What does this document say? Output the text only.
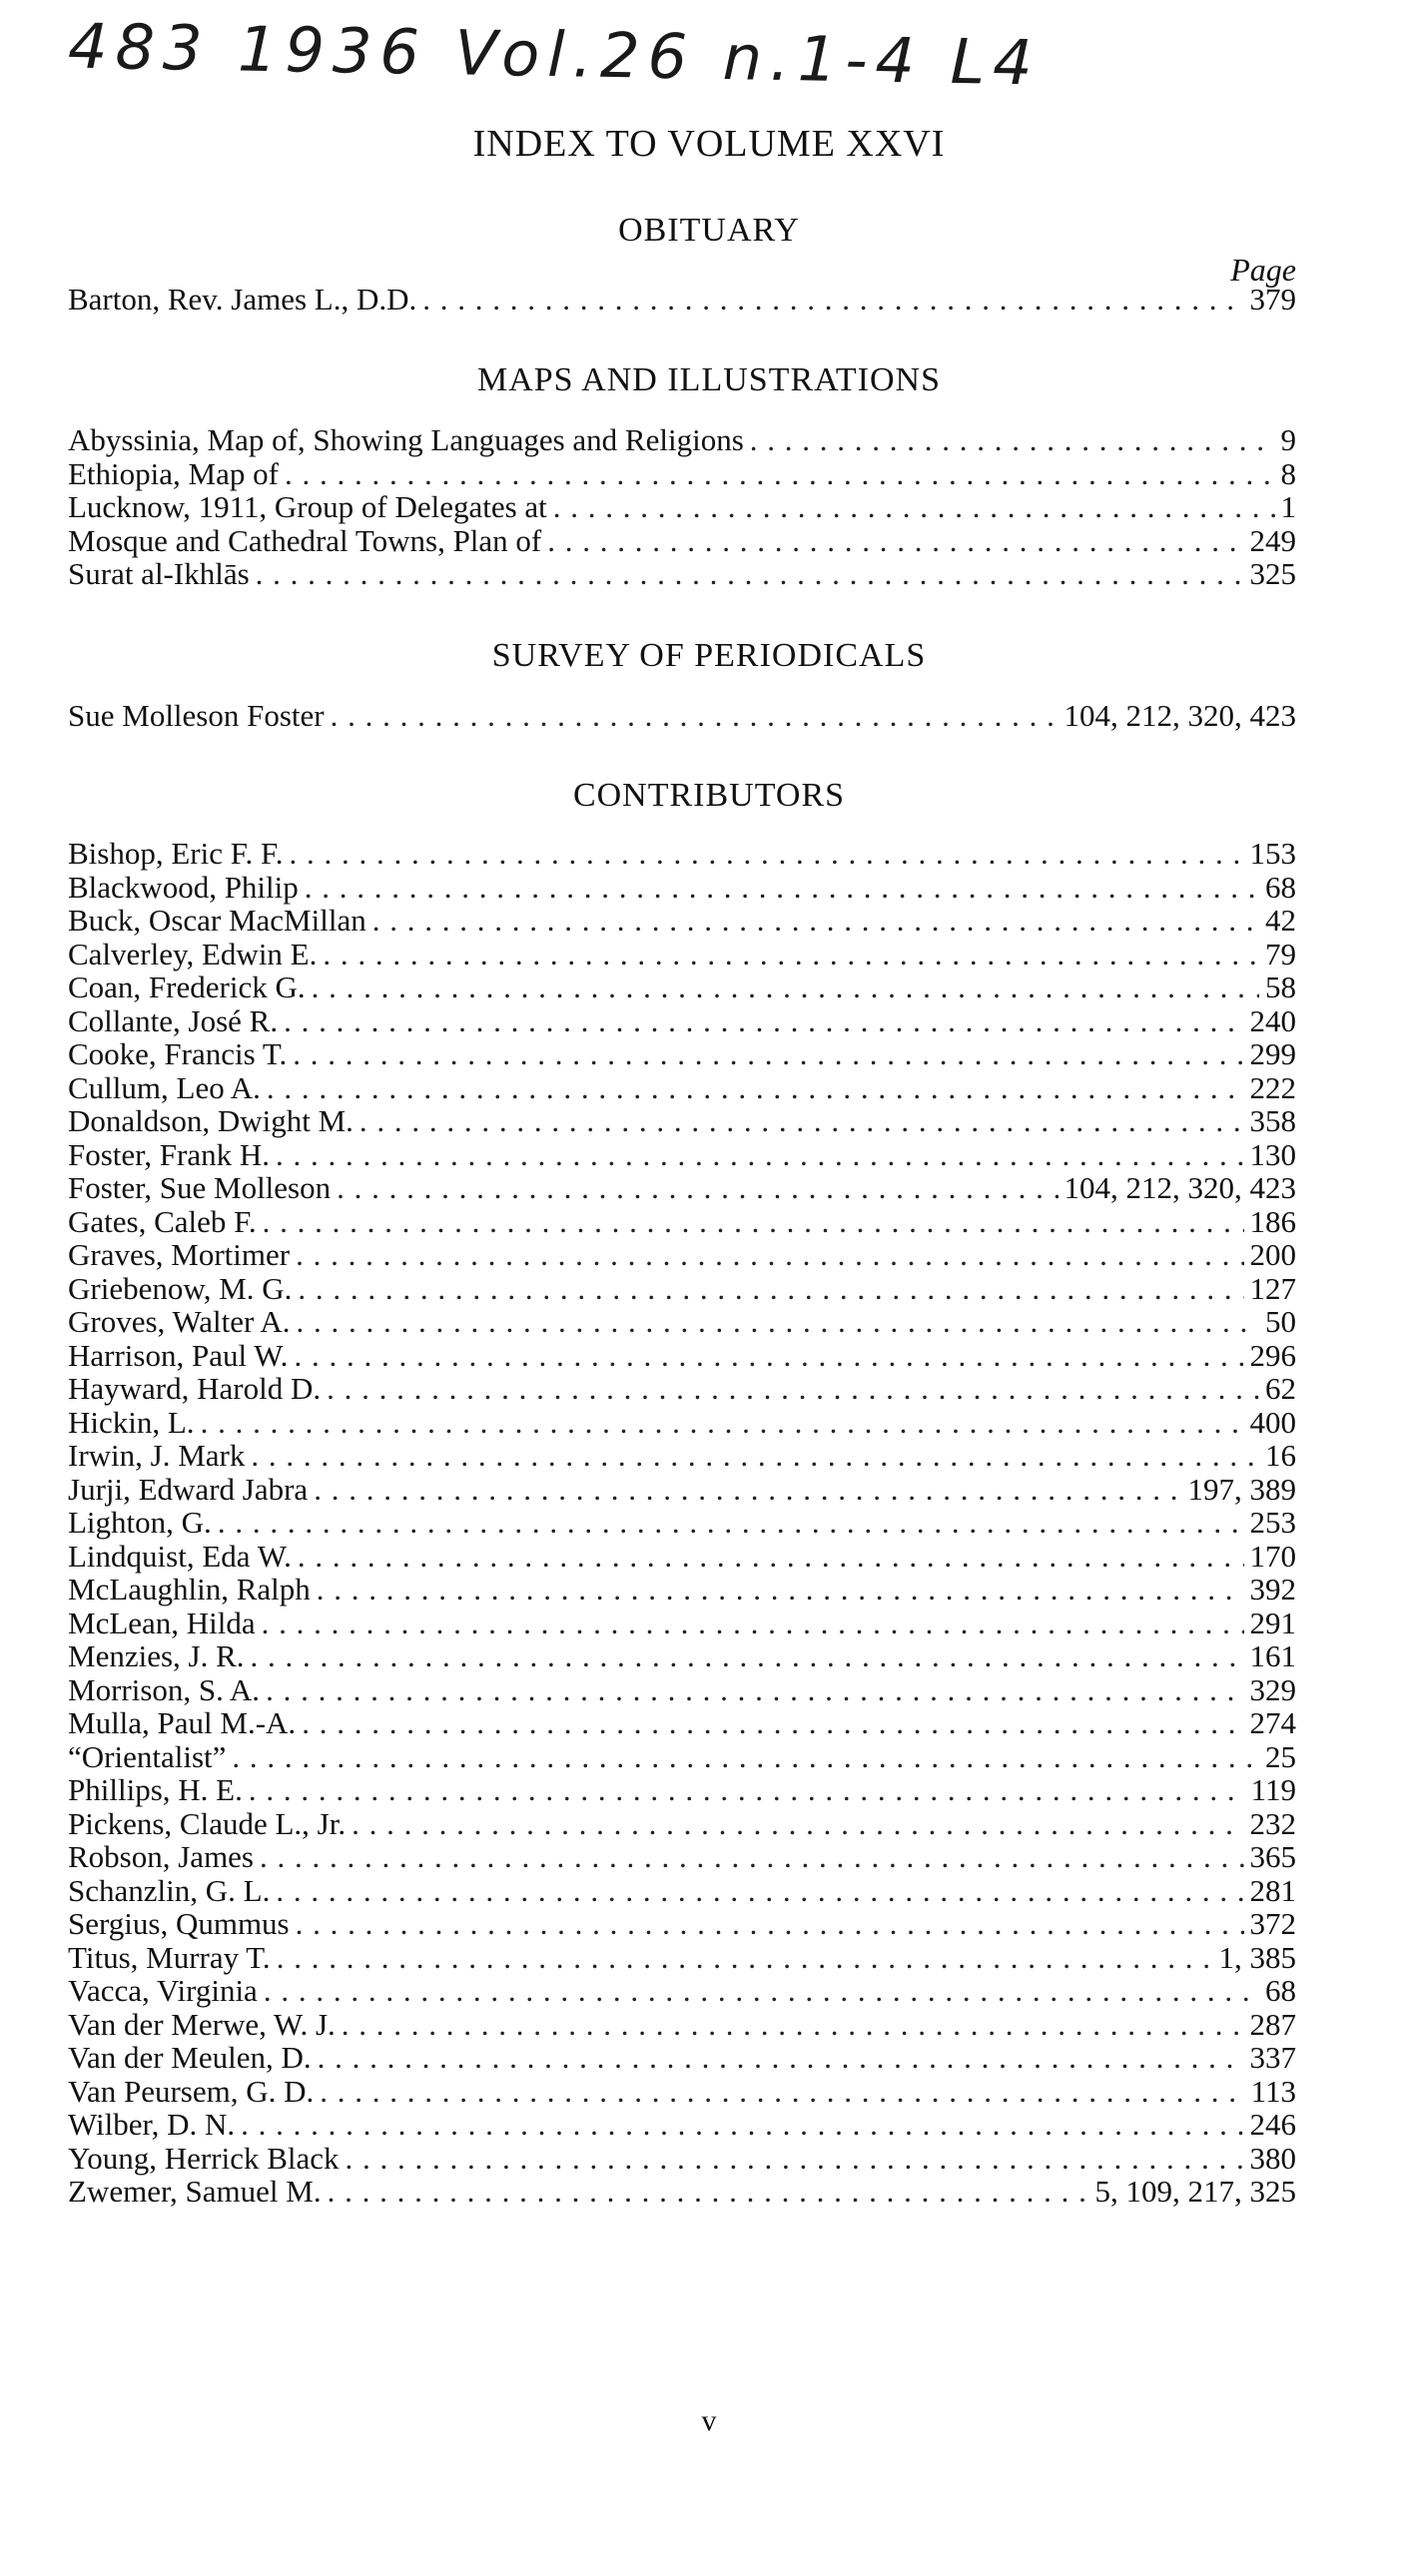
483 1936 Vol.26 n.1-4 L4
INDEX TO VOLUME XXVI
OBITUARY
Page
Barton, Rev. James L., D.D. . . .	379
MAPS AND ILLUSTRATIONS
Abyssinia, Map of, Showing Languages and Religions . . .	9
Ethiopia, Map of . . .	8
Lucknow, 1911, Group of Delegates at . . .	1
Mosque and Cathedral Towns, Plan of . . .	249
Surat al-Ikhlās . . .	325
SURVEY OF PERIODICALS
Sue Molleson Foster . . .	104, 212, 320, 423
CONTRIBUTORS
Bishop, Eric F. F. . . .	153
Blackwood, Philip . . .	68
Buck, Oscar MacMillan . . .	42
Calverley, Edwin E. . . .	79
Coan, Frederick G. . . .	58
Collante, José R. . . .	240
Cooke, Francis T. . . .	299
Cullum, Leo A. . . .	222
Donaldson, Dwight M. . . .	358
Foster, Frank H. . . .	130
Foster, Sue Molleson . . .	104, 212, 320, 423
Gates, Caleb F. . . .	186
Graves, Mortimer . . .	200
Griebenow, M. G. . . .	127
Groves, Walter A. . . .	50
Harrison, Paul W. . . .	296
Hayward, Harold D. . . .	62
Hickin, L. . . .	400
Irwin, J. Mark . . .	16
Jurji, Edward Jabra . . .	197, 389
Lighton, G. . . .	253
Lindquist, Eda W. . . .	170
McLaughlin, Ralph . . .	392
McLean, Hilda . . .	291
Menzies, J. R. . . .	161
Morrison, S. A. . . .	329
Mulla, Paul M.-A. . . .	274
“Orientalist” . . .	25
Phillips, H. E. . . .	119
Pickens, Claude L., Jr. . . .	232
Robson, James . . .	365
Schanzlin, G. L. . . .	281
Sergius, Qummus . . .	372
Titus, Murray T. . . .	1, 385
Vacca, Virginia . . .	68
Van der Merwe, W. J. . . .	287
Van der Meulen, D. . . .	337
Van Peursem, G. D. . . .	113
Wilber, D. N. . . .	246
Young, Herrick Black . . .	380
Zwemer, Samuel M. . . .	5, 109, 217, 325
v
